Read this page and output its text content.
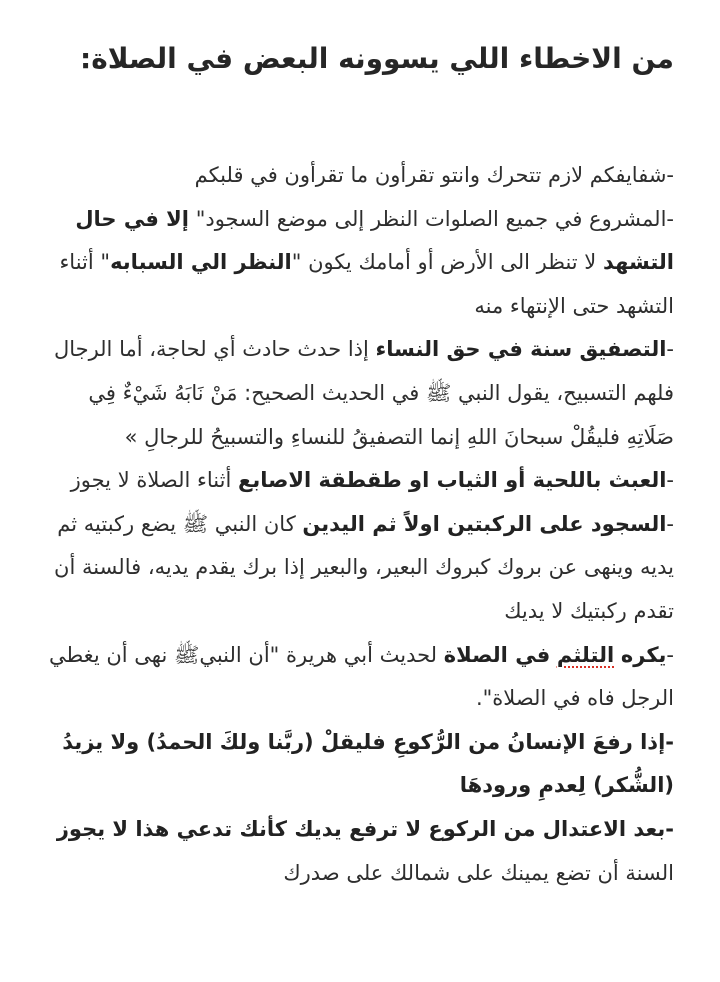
من الاخطاء اللي يسوونه البعض في الصلاة:

-شفايفكم لازم تتحرك وانتو تقرأون ما تقرأون في قلبكم

-المشروع في جميع الصلوات النظر إلى موضع السجود" إلا في حال التشهد لا تنظر الى الأرض أو أمامك يكون "النظر الي السبابه" أثناء التشهد حتى الإنتهاء منه

-التصفيق سنة في حق النساء إذا حدث حادث أي لحاجة، أما الرجال فلهم التسبيح، يقول النبي ﷺ في الحديث الصحيح: مَنْ نَابَهُ شَيْءٌ فِي صَلَاتِهِ فليقُلْ سبحانَ اللهِ إنما التصفيقُ للنساءِ والتسبيحُ للرجالِ »

-العبث باللحية أو الثياب او طقطقة الاصابع أثناء الصلاة لا يجوز

-السجود على الركبتين اولاً ثم اليدين كان النبي ﷺ يضع ركبتيه ثم يديه وينهى عن بروك كبروك البعير، والبعير إذا برك يقدم يديه، فالسنة أن تقدم ركبتيك لا يديك

-يكره التلثم في الصلاة لحديث أبي هريرة "أن النبيﷺ نهى أن يغطي الرجل فاه في الصلاة".

-إذا رفعَ الإنسانُ من الرُّكوعِ فليقلْ (ربَّنا ولكَ الحمدُ) ولا يزيدُ (الشُّكر) لِعدمِ ورودهَا

-بعد الاعتدال من الركوع لا ترفع يديك كأنك تدعي هذا لا يجوز السنة أن تضع يمينك على شمالك على صدرك
